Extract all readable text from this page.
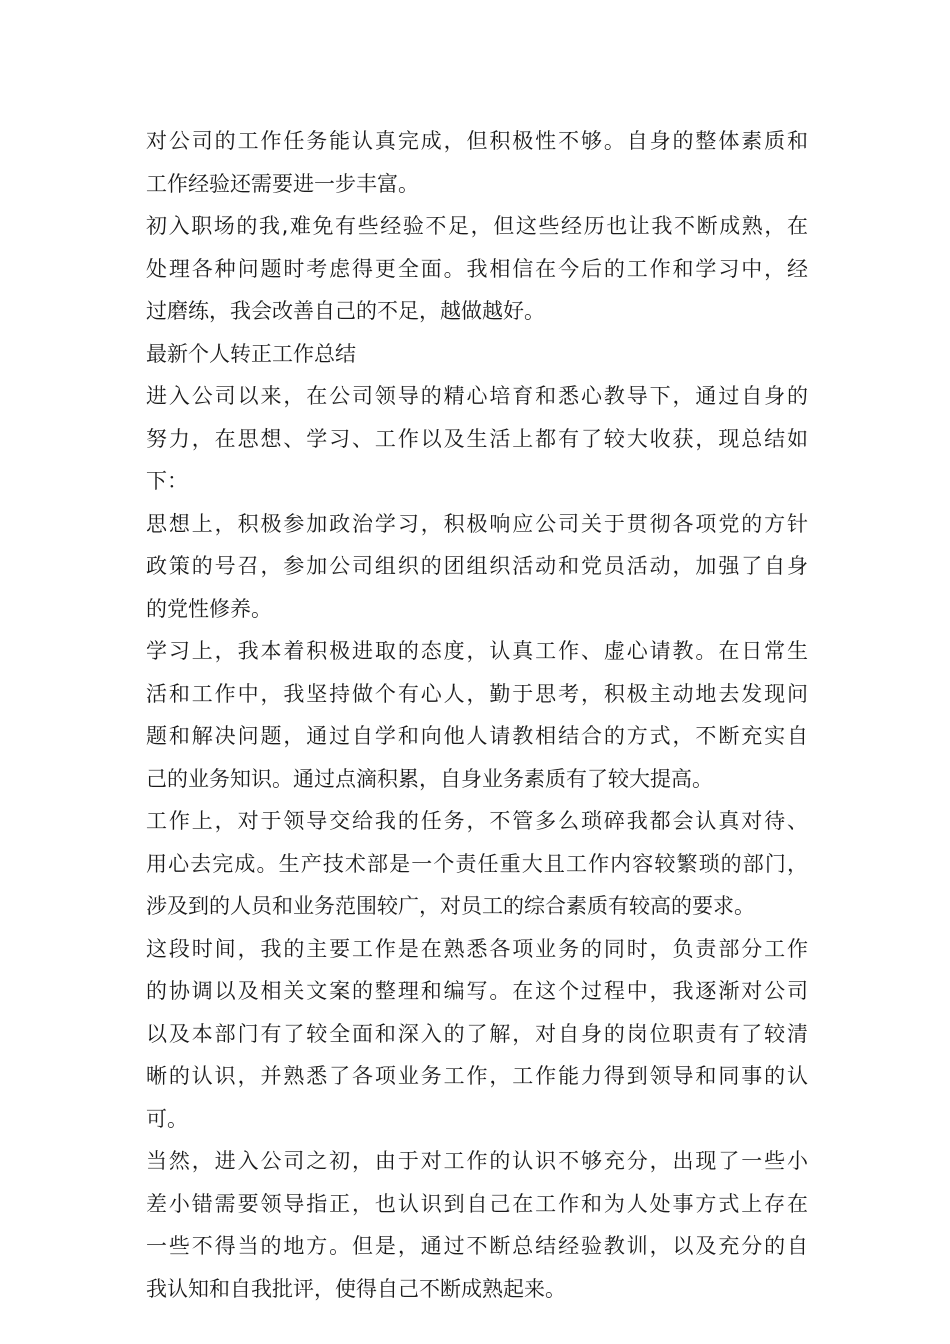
对公司的工作任务能认真完成，但积极性不够。自身的整体素质和
工作经验还需要进一步丰富。
初入职场的我,难免有些经验不足，但这些经历也让我不断成熟，在
处理各种问题时考虑得更全面。我相信在今后的工作和学习中，经
过磨练，我会改善自己的不足，越做越好。
最新个人转正工作总结
进入公司以来，在公司领导的精心培育和悉心教导下，通过自身的
努力，在思想、学习、工作以及生活上都有了较大收获，现总结如
下：
思想上，积极参加政治学习，积极响应公司关于贯彻各项党的方针
政策的号召，参加公司组织的团组织活动和党员活动，加强了自身
的党性修养。
学习上，我本着积极进取的态度，认真工作、虚心请教。在日常生
活和工作中，我坚持做个有心人，勤于思考，积极主动地去发现问
题和解决问题，通过自学和向他人请教相结合的方式，不断充实自
己的业务知识。通过点滴积累，自身业务素质有了较大提高。
工作上，对于领导交给我的任务，不管多么琐碎我都会认真对待、
用心去完成。生产技术部是一个责任重大且工作内容较繁琐的部门，
涉及到的人员和业务范围较广，对员工的综合素质有较高的要求。
这段时间，我的主要工作是在熟悉各项业务的同时，负责部分工作
的协调以及相关文案的整理和编写。在这个过程中，我逐渐对公司
以及本部门有了较全面和深入的了解，对自身的岗位职责有了较清
晰的认识，并熟悉了各项业务工作，工作能力得到领导和同事的认
可。
当然，进入公司之初，由于对工作的认识不够充分，出现了一些小
差小错需要领导指正，也认识到自己在工作和为人处事方式上存在
一些不得当的地方。但是，通过不断总结经验教训，以及充分的自
我认知和自我批评，使得自己不断成熟起来。
